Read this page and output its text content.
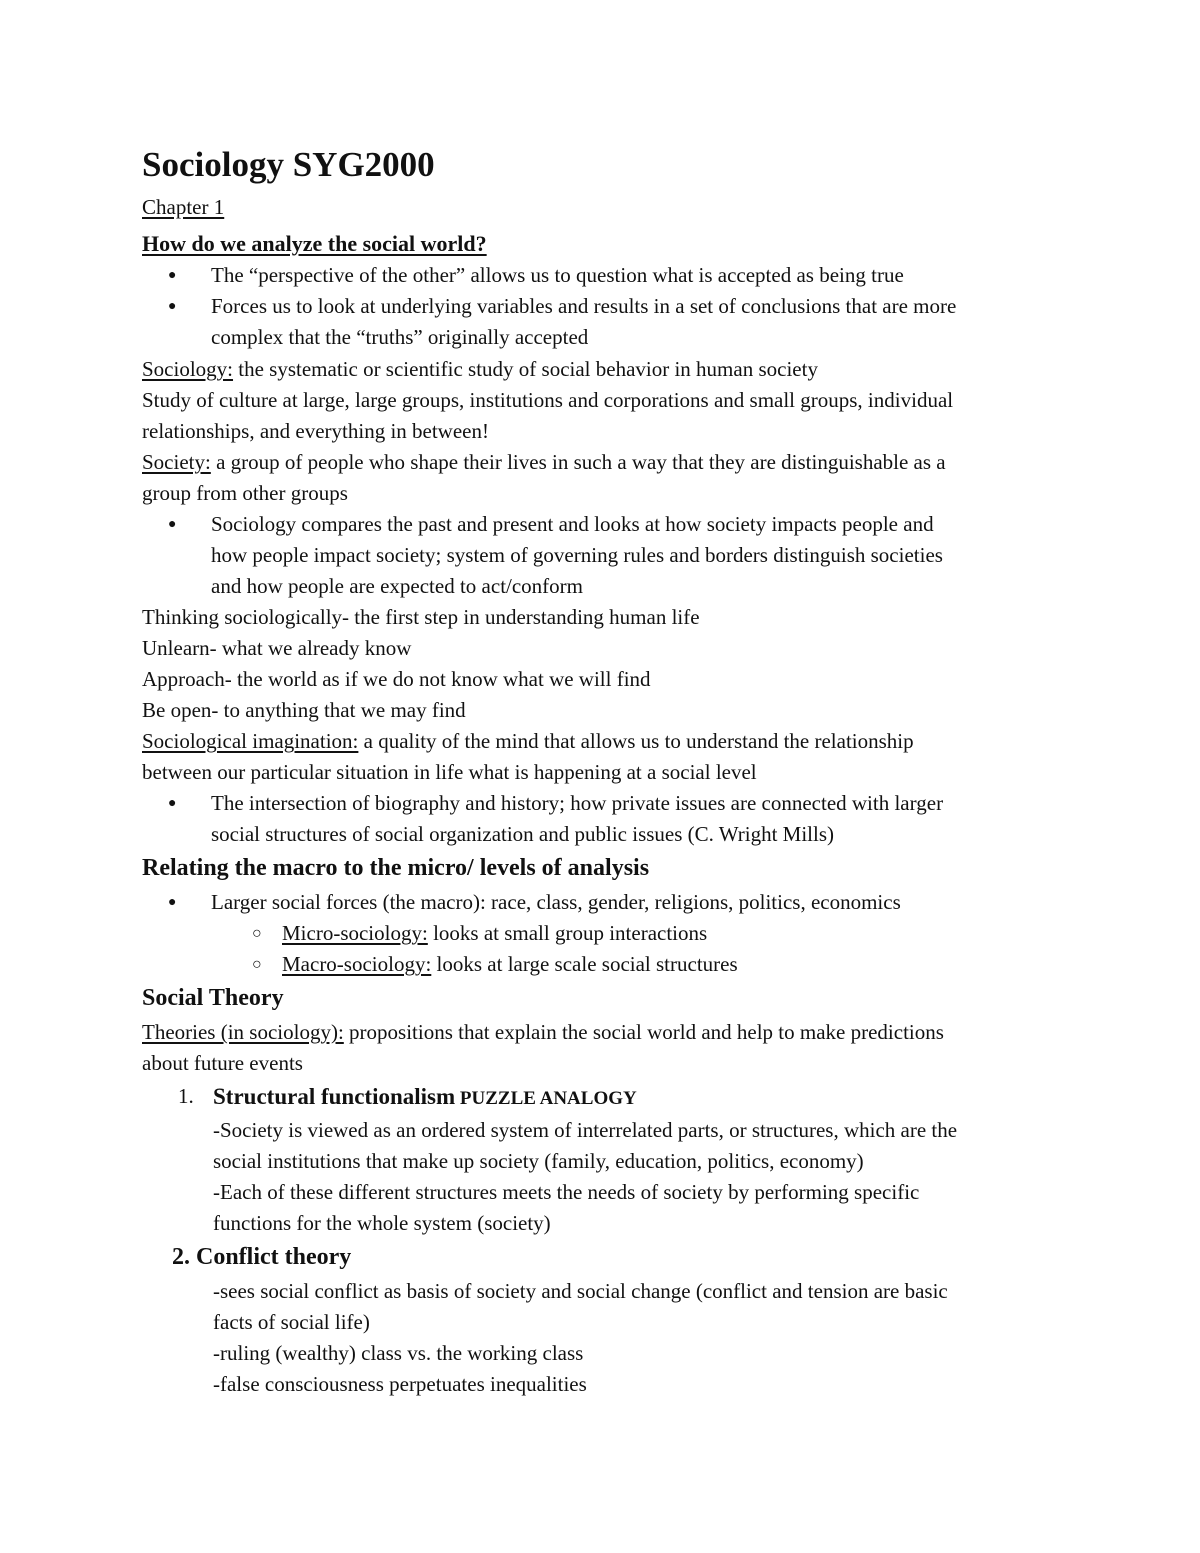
Sociology SYG2000
Chapter 1
How do we analyze the social world?
● The “perspective of the other” allows us to question what is accepted as being true
● Forces us to look at underlying variables and results in a set of conclusions that are more
complex that the “truths” originally accepted
Sociology: the systematic or scientific study of social behavior in human society
Study of culture at large, large groups, institutions and corporations and small groups, individual
relationships, and everything in between!
Society: a group of people who shape their lives in such a way that they are distinguishable as a
group from other groups
● Sociology compares the past and present and looks at how society impacts people and
how people impact society; system of governing rules and borders distinguish societies
and how people are expected to act/conform
Thinking sociologically- the first step in understanding human life
Unlearn- what we already know
Approach- the world as if we do not know what we will find
Be open- to anything that we may find
Sociological imagination: a quality of the mind that allows us to understand the relationship
between our particular situation in life what is happening at a social level
● The intersection of biography and history; how private issues are connected with larger
social structures of social organization and public issues (C. Wright Mills)
Relating the macro to the micro/ levels of analysis
● Larger social forces (the macro): race, class, gender, religions, politics, economics
○ Micro-sociology: looks at small group interactions
○ Macro-sociology: looks at large scale social structures
Social Theory
Theories (in sociology): propositions that explain the social world and help to make predictions
about future events
1. Structural functionalism PUZZLE ANALOGY
-Society is viewed as an ordered system of interrelated parts, or structures, which are the
social institutions that make up society (family, education, politics, economy)
-Each of these different structures meets the needs of society by performing specific
functions for the whole system (society)
2. Conflict theory
-sees social conflict as basis of society and social change (conflict and tension are basic
facts of social life)
-ruling (wealthy) class vs. the working class
-false consciousness perpetuates inequalities
